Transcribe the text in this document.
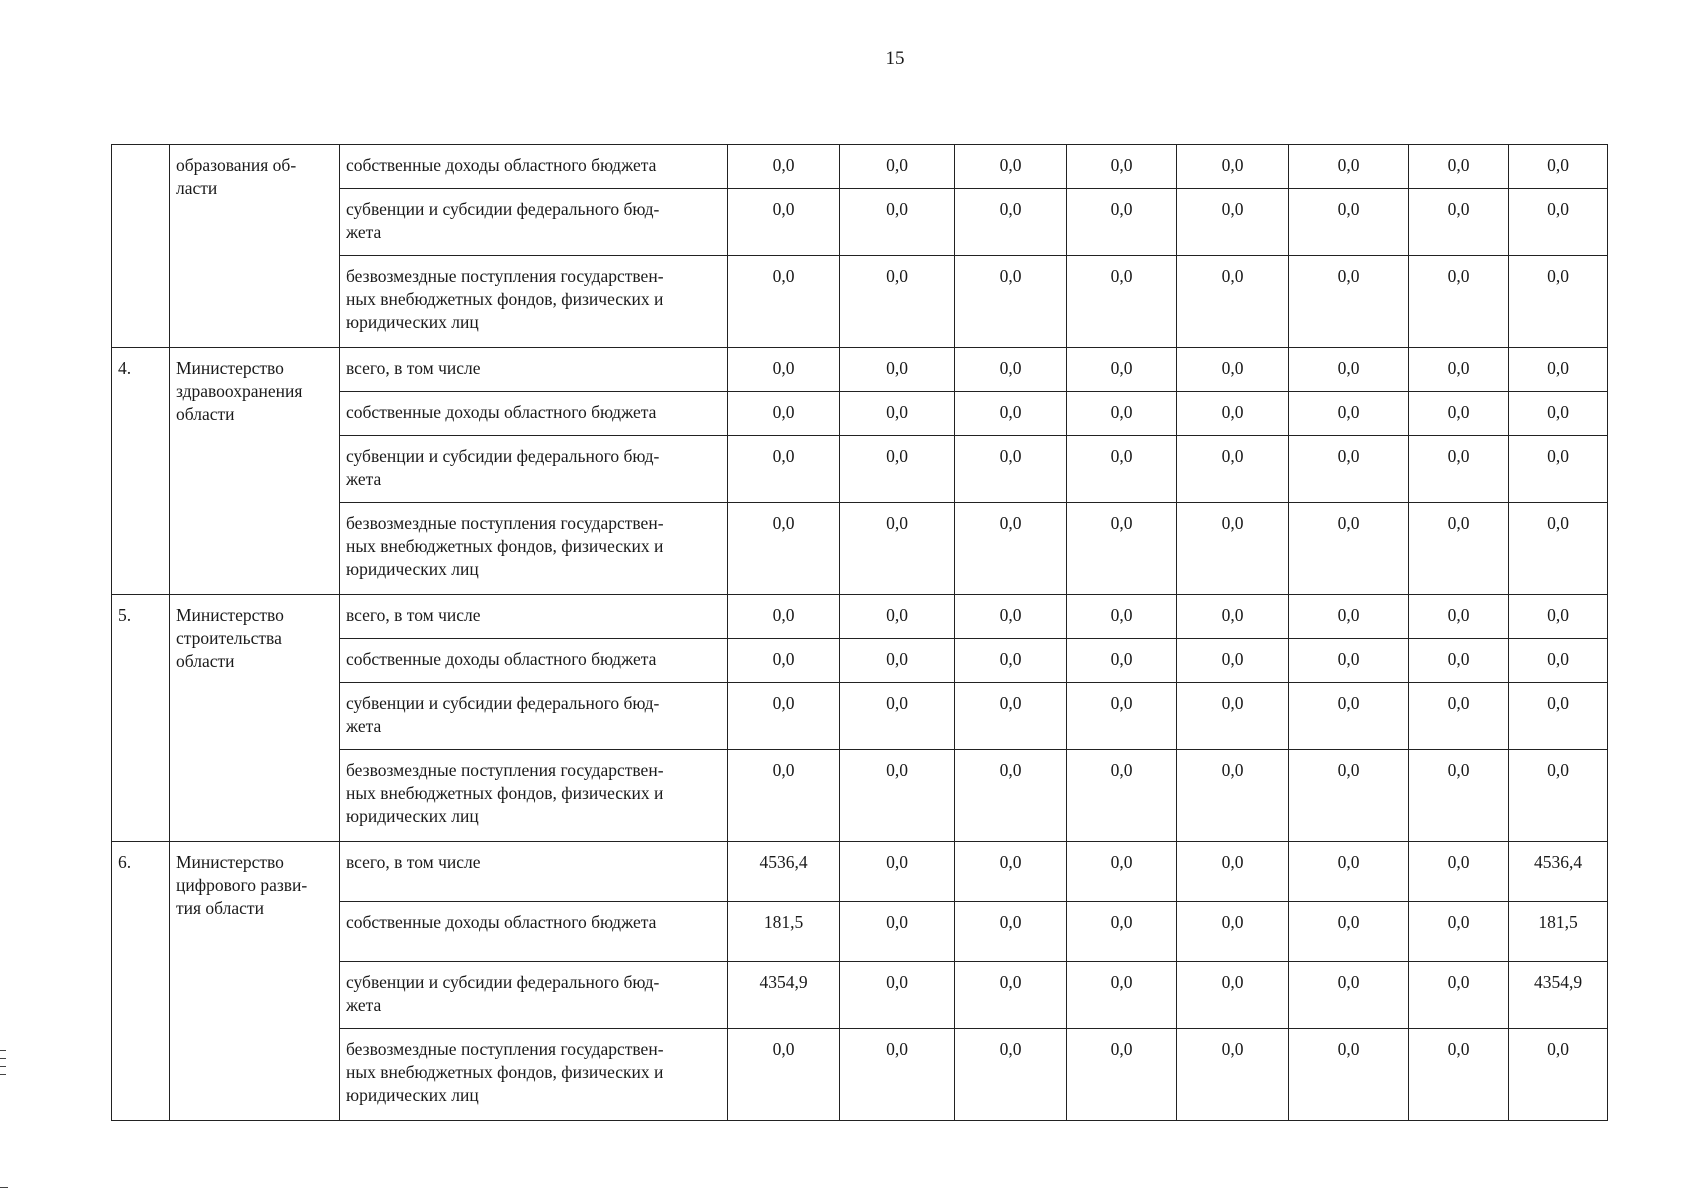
15
	образования об-
ласти	собственные доходы областного бюджета	0,0	0,0	0,0	0,0	0,0	0,0	0,0	0,0
		субвенции и субсидии федерального бюд-
жета	0,0	0,0	0,0	0,0	0,0	0,0	0,0	0,0
		безвозмездные поступления государствен-
ных внебюджетных фондов, физических и
юридических лиц	0,0	0,0	0,0	0,0	0,0	0,0	0,0	0,0
4.	Министерство
здравоохранения
области	всего, в том числе	0,0	0,0	0,0	0,0	0,0	0,0	0,0	0,0
		собственные доходы областного бюджета	0,0	0,0	0,0	0,0	0,0	0,0	0,0	0,0
		субвенции и субсидии федерального бюд-
жета	0,0	0,0	0,0	0,0	0,0	0,0	0,0	0,0
		безвозмездные поступления государствен-
ных внебюджетных фондов, физических и
юридических лиц	0,0	0,0	0,0	0,0	0,0	0,0	0,0	0,0
5.	Министерство
строительства
области	всего, в том числе	0,0	0,0	0,0	0,0	0,0	0,0	0,0	0,0
		собственные доходы областного бюджета	0,0	0,0	0,0	0,0	0,0	0,0	0,0	0,0
		субвенции и субсидии федерального бюд-
жета	0,0	0,0	0,0	0,0	0,0	0,0	0,0	0,0
		безвозмездные поступления государствен-
ных внебюджетных фондов, физических и
юридических лиц	0,0	0,0	0,0	0,0	0,0	0,0	0,0	0,0
6.	Министерство
цифрового разви-
тия области	всего, в том числе	4536,4	0,0	0,0	0,0	0,0	0,0	0,0	4536,4
		собственные доходы областного бюджета	181,5	0,0	0,0	0,0	0,0	0,0	0,0	181,5
		субвенции и субсидии федерального бюд-
жета	4354,9	0,0	0,0	0,0	0,0	0,0	0,0	4354,9
		безвозмездные поступления государствен-
ных внебюджетных фондов, физических и
юридических лиц	0,0	0,0	0,0	0,0	0,0	0,0	0,0	0,0
